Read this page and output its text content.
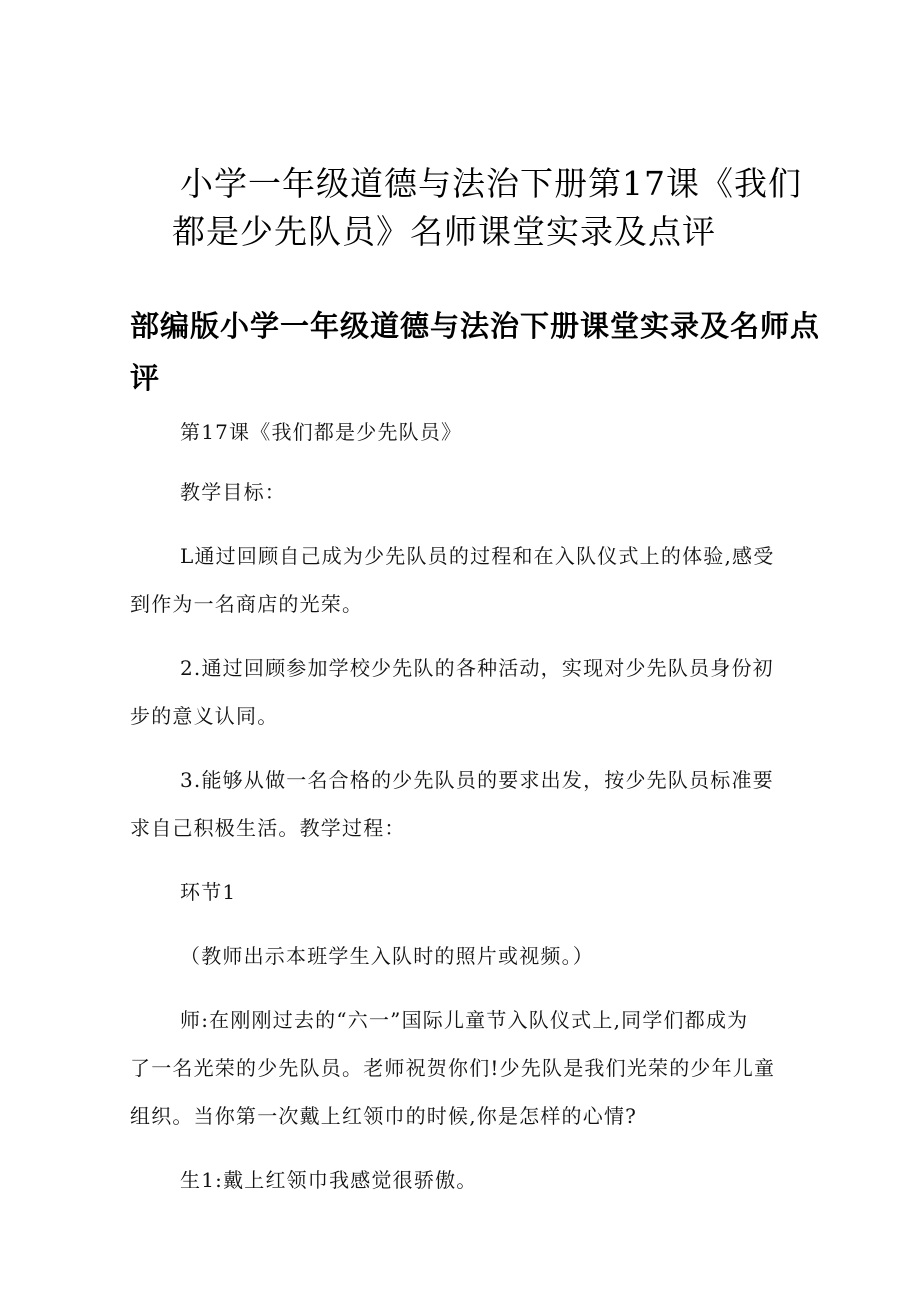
小学一年级道德与法治下册第17课《我们
都是少先队员》名师课堂实录及点评
部编版小学一年级道德与法治下册课堂实录及名师点
评

第17课《我们都是少先队员》

教学目标：

L通过回顾自己成为少先队员的过程和在入队仪式上的体验,感受
到作为一名商店的光荣。

2.通过回顾参加学校少先队的各种活动，实现对少先队员身份初
步的意义认同。

3.能够从做一名合格的少先队员的要求出发，按少先队员标准要
求自己积极生活。教学过程：

环节1

（教师出示本班学生入队时的照片或视频。）

师:在刚刚过去的“六一”国际儿童节入队仪式上,同学们都成为
了一名光荣的少先队员。老师祝贺你们!少先队是我们光荣的少年儿童
组织。当你第一次戴上红领巾的时候,你是怎样的心情?

生1:戴上红领巾我感觉很骄傲。
